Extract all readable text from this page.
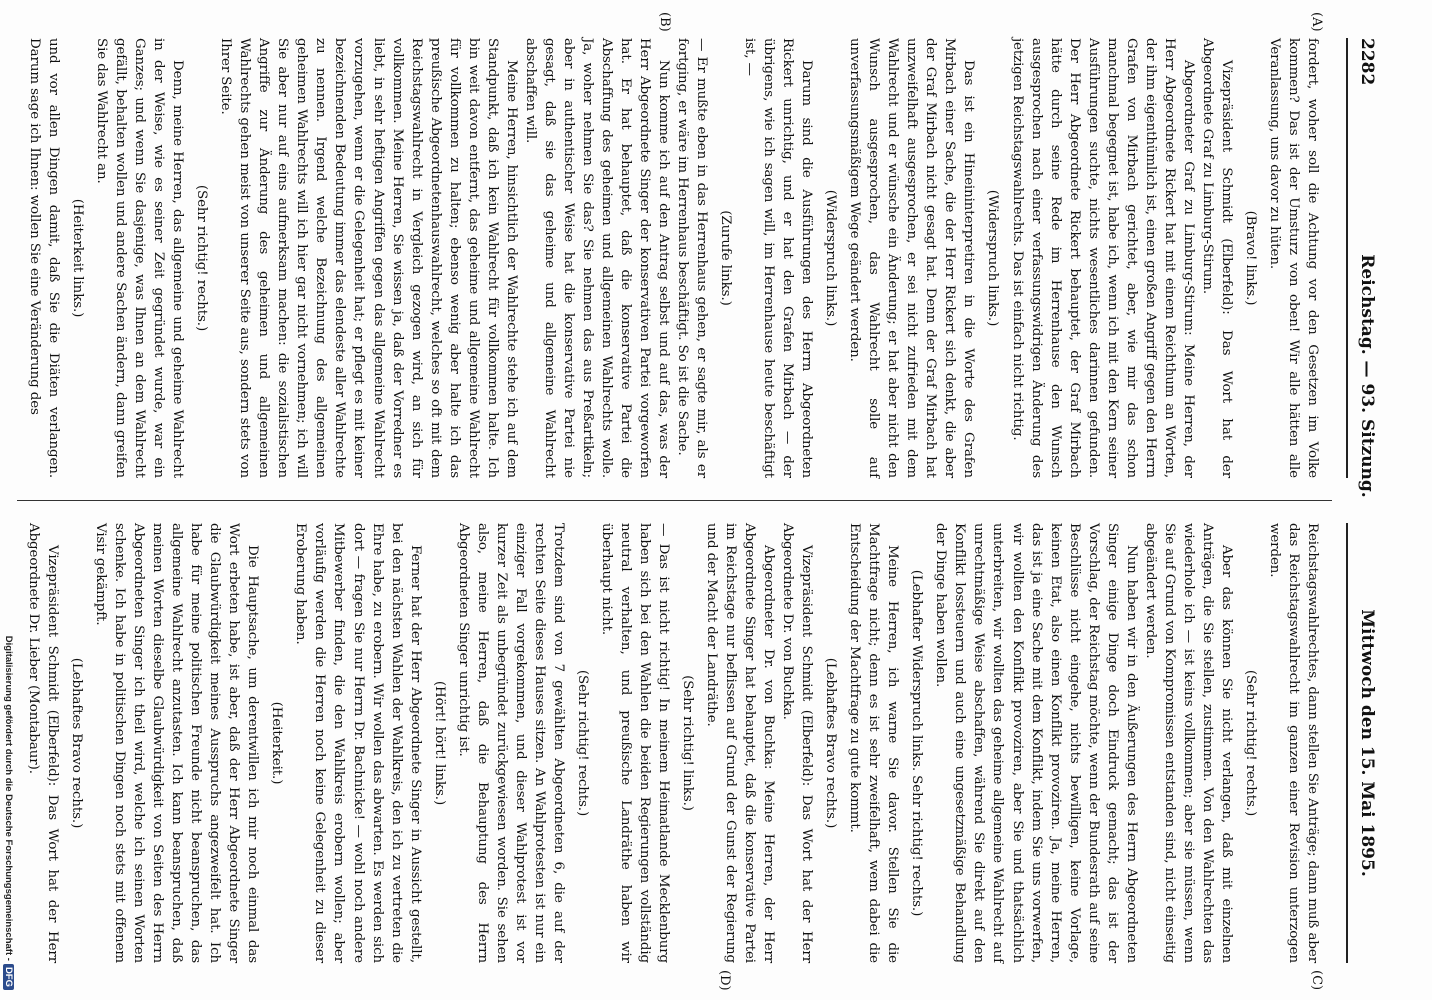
2282
Reichstag. — 93. Sitzung.
Mittwoch den 15. Mai 1895.
(A)
(B)
(C)
(D)

fordert, woher soll die Achtung vor den Gesetzen im Volke kommen? Das ist der Umsturz von oben! Wir alle hätten alle Veranlassung, uns davor zu hüten.

(Bravo! links.)

Vizepräsident Schmidt (Elberfeld): Das Wort hat der Abgeordnete Graf zu Limburg-Stirum.

Abgeordneter Graf zu Limburg-Stirum: Meine Herren, der Herr Abgeordnete Rickert hat mit einem Reichthum an Worten, der ihm eigenthümlich ist, einen großen Angriff gegen den Herrn Grafen von Mirbach gerichtet, aber, wie mir das schon manchmal begegnet ist, habe ich, wenn ich mit den Kern seiner Ausführungen suchte, nichts wesentliches darinnen gefunden. Der Herr Abgeordnete Rickert behauptet, der Graf Mirbach hätte durch seine Rede im Herrenhause den Wunsch ausgesprochen nach einer verfassungswidrigen Änderung des jetzigen Reichstagswahlrechts. Das ist einfach nicht richtig.

(Widerspruch links.)

Das ist ein Hineininterpretiren in die Worte des Grafen Mirbach einer Sache, die der Herr Rickert sich denkt, die aber der Graf Mirbach nicht gesagt hat. Denn der Graf Mirbach hat unzweifelhaft ausgesprochen, er sei nicht zufrieden mit dem Wahlrecht und er wünsche ein Änderung; er hat aber nicht den Wunsch ausgesprochen, das Wahlrecht solle auf unverfassungsmäßigem Wege geändert werden.

(Widerspruch links.)

Darum sind die Ausführungen des Herrn Abgeordneten Rickert unrichtig, und er hat den Grafen Mirbach — der übrigens, wie ich sagen will, im Herrenhause heute beschäftigt ist, —

(Zurufe links.)

— Er mußte eben in das Herrenhaus gehen, er sagte mir, als er fortging, er wäre im Herrenhaus beschäftigt. So ist die Sache.

Nun komme ich auf den Antrag selbst und auf das, was der Herr Abgeordnete Singer der konservativen Partei vorgeworfen hat. Er hat behauptet, daß die konservative Partei die Abschaffung des geheimen und allgemeinen Wahlrechts wolle. Ja, woher nehmen Sie das? Sie nehmen das aus Preßartikeln; aber in authentischer Weise hat die konservative Partei nie gesagt, daß sie das geheime und allgemeine Wahlrecht abschaffen will.

Meine Herren, hinsichtlich der Wahlrechte stehe ich auf dem Standpunkt, daß ich kein Wahlrecht für vollkommen halte. Ich bin weit davon entfernt, das geheime und allgemeine Wahlrecht für vollkommen zu halten; ebenso wenig aber halte ich das preußische Abgeordnetenhauswahlrecht, welches so oft mit dem Reichstagswahlrecht in Vergleich gezogen wird, an sich für vollkommen. Meine Herren, Sie wissen ja, daß der Vorredner es liebt, in sehr heftigen Angriffen gegen das allgemeine Wahlrecht vorzugehen, wenn er die Gelegenheit hat; er pflegt es mit keiner bezeichnenden Bedeutung immer das elendeste aller Wahlrechte zu nennen. Irgend welche Bezeichnung des allgemeinen geheimen Wahlrechts will ich hier gar nicht vornehmen; ich will Sie aber nur auf eins aufmerksam machen: die sozialistischen Angriffe zur Änderung des geheimen und allgemeinen Wahlrechts gehen meist von unserer Seite aus, sondern stets von Ihrer Seite.

(Sehr richtig! rechts.)

Denn, meine Herren, das allgemeine und geheime Wahlrecht in der Weise, wie es seiner Zeit gegründet wurde, war ein Ganzes; und wenn Sie dasjenige, was Ihnen an dem Wahlrecht gefällt, behalten wollen und andere Sachen ändern, dann greifen Sie das Wahlrecht an.

(Heiterkeit links.)

und vor allen Dingen damit, daß Sie die Diäten verlangen. Darum sage ich Ihnen: wollen Sie eine Veränderung des

Reichstagswahlrechtes, dann stellen Sie Anträge; dann muß aber das Reichstagswahlrecht im ganzen einer Revision unterzogen werden.

(Sehr richtig! rechts.)

Aber das können Sie nicht verlangen, daß mit einzelnen Anträgen, die Sie stellen, zustimmen. Von den Wahlrechten das wiederhole ich — ist keins vollkommen; aber sie müssen, wenn Sie auf Grund von Kompromissen entstanden sind, nicht einseitig abgeändert werden.

Nun haben wir in den Äußerungen des Herrn Abgeordneten Singer einige Dinge doch Eindruck gemacht; das ist der Vorschlag, der Reichstag möchte, wenn der Bundesrath auf seine Beschlüsse nicht eingehe, nichts bewilligen, keine Vorlage, keinen Etat, also einen Konflikt provoziren. Ja, meine Herren, das ist ja eine Sache mit dem Konflikt, indem Sie uns vorwerfen, wir wollten den Konflikt provoziren, aber Sie und thatsächlich unterbreiten, wir wollten das geheime allgemeine Wahlrecht auf unrechtmäßige Weise abschaffen, während Sie direkt auf den Konflikt lossteuern und auch eine ungesetzmäßige Behandlung der Dinge haben wollen.

(Lebhafter Widerspruch links. Sehr richtig! rechts.)

Meine Herren, ich warne Sie davor. Stellen Sie die Machtfrage nicht; denn es ist sehr zweifelhaft, wem dabei die Entscheidung der Machtfrage zu gute kommt.

(Lebhaftes Bravo rechts.)

Vizepräsident Schmidt (Elberfeld): Das Wort hat der Herr Abgeordnete Dr. von Buchka.

Abgeordneter Dr. von Buchka: Meine Herren, der Herr Abgeordnete Singer hat behauptet, daß die konservative Partei im Reichstage nur beflissen auf Grund der Gunst der Regierung und der Macht der Landräthe.

(Sehr richtig! links.)

— Das ist nicht richtig! In meinem Heimatlande Mecklenburg haben sich bei den Wahlen die beiden Regierungen vollständig neutral verhalten, und preußische Landräthe haben wir überhaupt nicht.

(Sehr richtig! rechts.)

Trotzdem sind von 7 gewählten Abgeordneten 6, die auf der rechten Seite dieses Hauses sitzen. An Wahlprotesten ist nur ein einziger Fall vorgekommen, und dieser Wahlprotest ist vor kurzer Zeit als unbegründet zurückgewiesen worden. Sie sehen also, meine Herren, daß die Behauptung des Herrn Abgeordneten Singer unrichtig ist.

(Hört! hört! links.)

Ferner hat der Herr Abgeordnete Singer in Aussicht gestellt, bei den nächsten Wahlen der Wahlkreis, den ich zu vertreten die Ehre habe, zu erobern. Wir wollen das abwarten. Es werden sich dort — fragen Sie nur Herrn Dr. Bachnicke! — wohl noch andere Mitbewerber finden, die den Wahlkreis erobern wollen; aber vorläufig werden die Herren noch keine Gelegenheit zu dieser Eroberung haben.

(Heiterkeit.)

Die Hauptsache, um derentwillen ich mir noch einmal das Wort erbeten habe, ist aber, daß der Herr Abgeordnete Singer die Glaubwürdigkeit meines Ausspruchs angezweifelt hat. Ich habe für meine politischen Freunde nicht beanspruchen, das allgemeine Wahlrecht anzutasten. Ich kann beanspruchen, daß meinen Worten dieselbe Glaubwürdigkeit von Seiten des Herrn Abgeordneten Singer ich theil wird, welche ich seinen Worten schenke. Ich habe in politischen Dingen noch stets mit offenem Visir gekämpft.

(Lebhaftes Bravo rechts.)

Vizepräsident Schmidt (Elberfeld): Das Wort hat der Herr Abgeordnete Dr. Lieber (Montabaur).

Digitalisierung gefördert durch die Deutsche Forschungsgemeinschaft -DFG
